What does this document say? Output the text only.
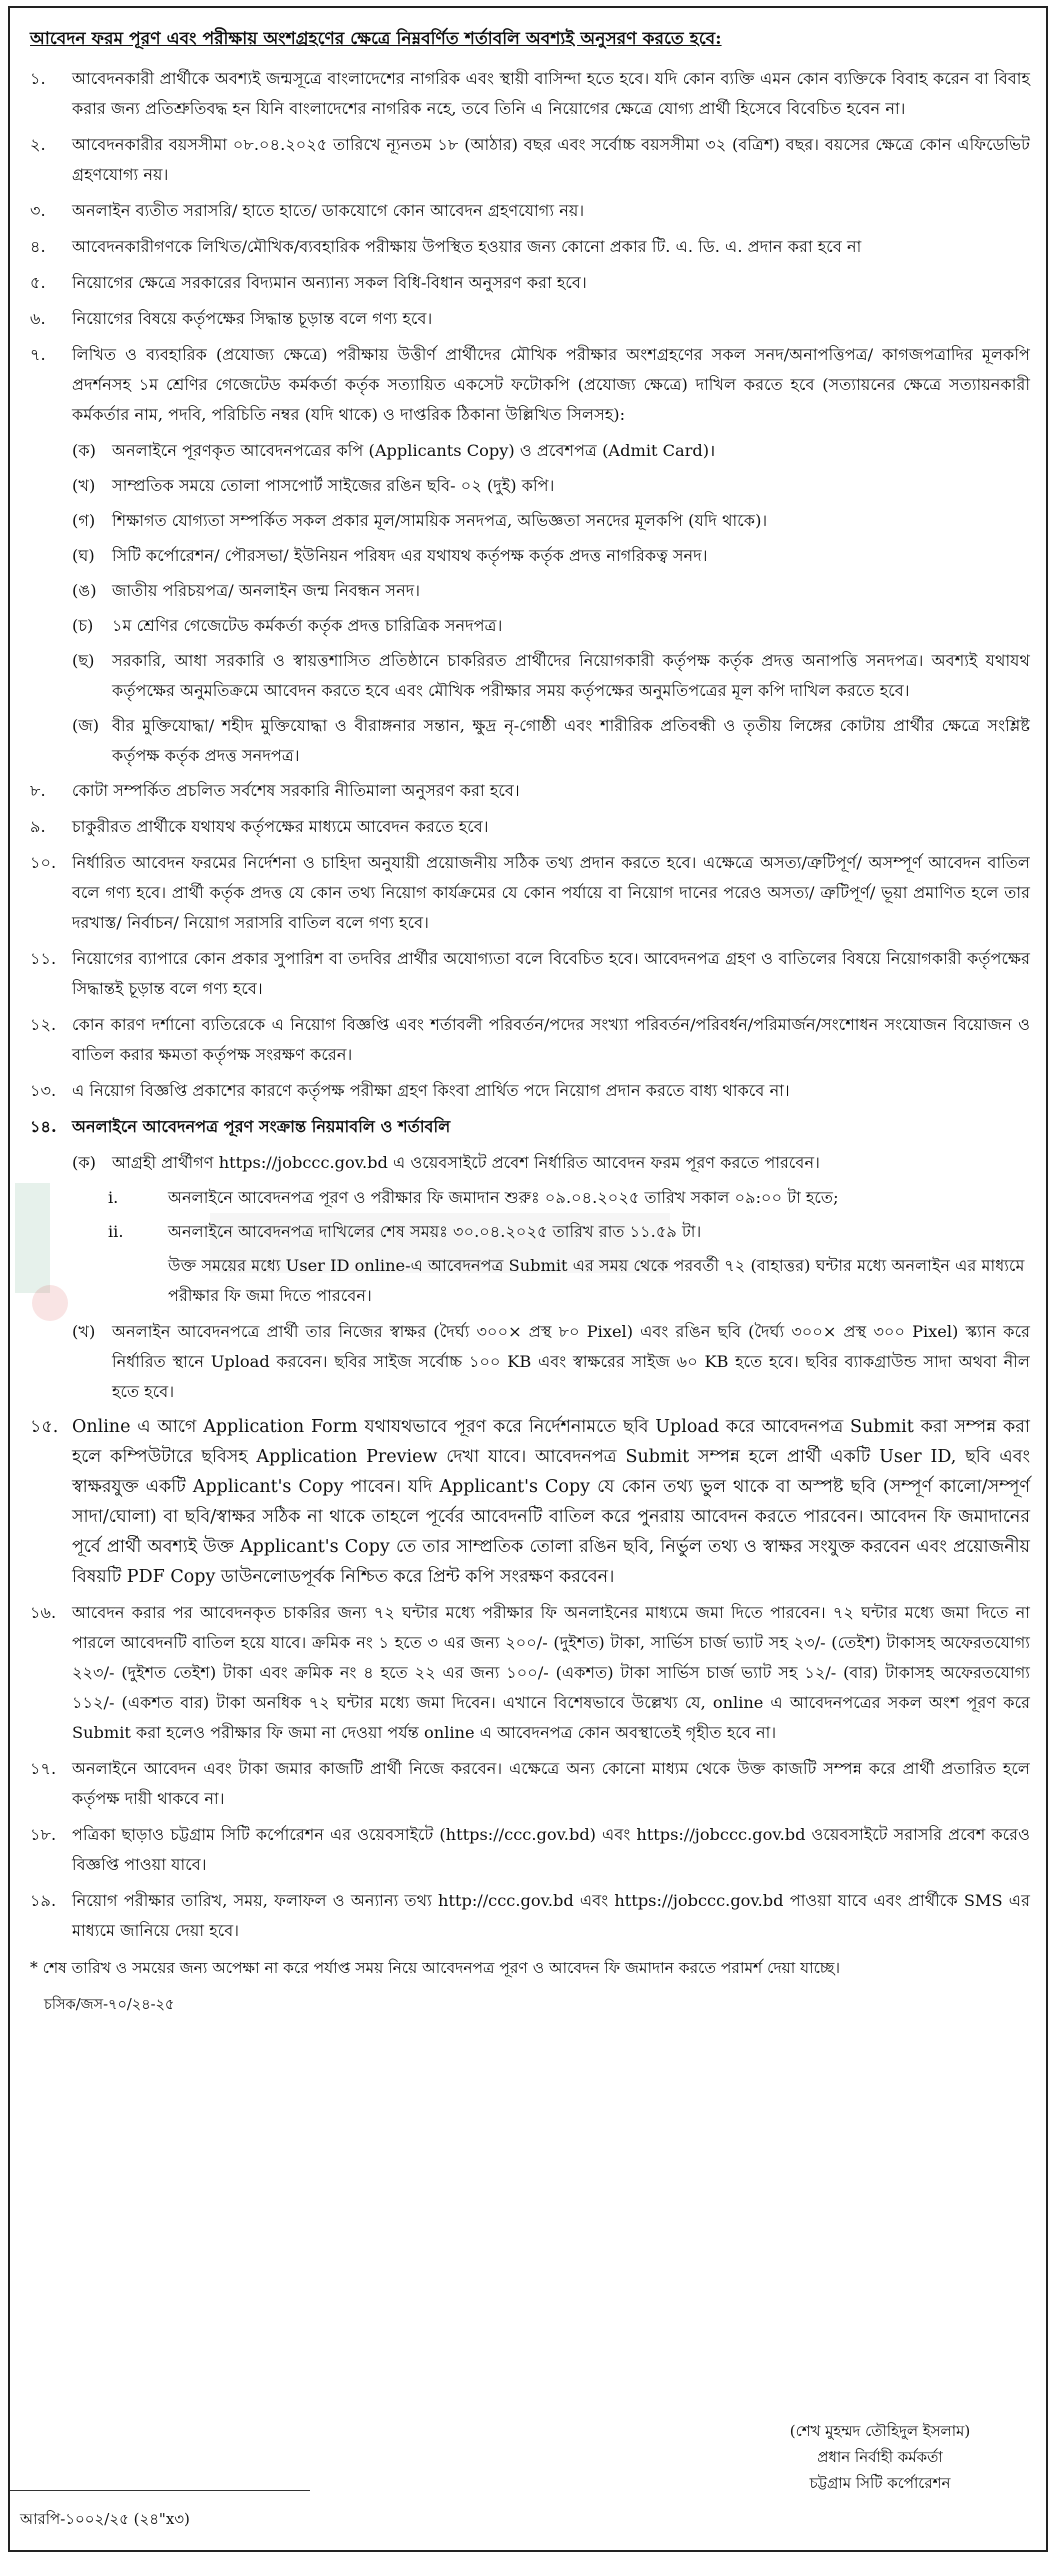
আবেদন ফরম পূরণ এবং পরীক্ষায় অংশগ্রহণের ক্ষেত্রে নিম্নবর্ণিত শর্তাবলি অবশ্যই অনুসরণ করতে হবে:
১.	আবেদনকারী প্রার্থীকে অবশ্যই জন্মসূত্রে বাংলাদেশের নাগরিক এবং স্থায়ী বাসিন্দা হতে হবে। যদি কোন ব্যক্তি এমন কোন ব্যক্তিকে বিবাহ করেন বা বিবাহ করার জন্য প্রতিশ্রুতিবদ্ধ হন যিনি বাংলাদেশের নাগরিক নহে, তবে তিনি এ নিয়োগের ক্ষেত্রে যোগ্য প্রার্থী হিসেবে বিবেচিত হবেন না।
২.	আবেদনকারীর বয়সসীমা ০৮.০৪.২০২৫ তারিখে ন্যূনতম ১৮ (আঠার) বছর এবং সর্বোচ্চ বয়সসীমা ৩২ (বত্রিশ) বছর। বয়সের ক্ষেত্রে কোন এফিডেভিট গ্রহণযোগ্য নয়।
৩.	অনলাইন ব্যতীত সরাসরি/ হাতে হাতে/ ডাকযোগে কোন আবেদন গ্রহণযোগ্য নয়।
৪.	আবেদনকারীগণকে লিখিত/মৌখিক/ব্যবহারিক পরীক্ষায় উপস্থিত হওয়ার জন্য কোনো প্রকার টি. এ. ডি. এ. প্রদান করা হবে না
৫.	নিয়োগের ক্ষেত্রে সরকারের বিদ্যমান অন্যান্য সকল বিধি-বিধান অনুসরণ করা হবে।
৬.	নিয়োগের বিষয়ে কর্তৃপক্ষের সিদ্ধান্ত চূড়ান্ত বলে গণ্য হবে।
৭.	লিখিত ও ব্যবহারিক (প্রযোজ্য ক্ষেত্রে) পরীক্ষায় উত্তীর্ণ প্রার্থীদের মৌখিক পরীক্ষার অংশগ্রহণের সকল সনদ/অনাপত্তিপত্র/ কাগজপত্রাদির মূলকপি প্রদর্শনসহ ১ম শ্রেণির গেজেটেড কর্মকর্তা কর্তৃক সত্যায়িত একসেট ফটোকপি (প্রযোজ্য ক্ষেত্রে) দাখিল করতে হবে (সত্যায়নের ক্ষেত্রে সত্যায়নকারী কর্মকর্তার নাম, পদবি, পরিচিতি নম্বর (যদি থাকে) ও দাপ্তরিক ঠিকানা উল্লিখিত সিলসহ):
(ক) অনলাইনে পূরণকৃত আবেদনপত্রের কপি (Applicants Copy) ও প্রবেশপত্র (Admit Card)।
(খ) সাম্প্রতিক সময়ে তোলা পাসপোর্ট সাইজের রঙিন ছবি- ০২ (দুই) কপি।
(গ) শিক্ষাগত যোগ্যতা সম্পর্কিত সকল প্রকার মূল/সাময়িক সনদপত্র, অভিজ্ঞতা সনদের মূলকপি (যদি থাকে)।
(ঘ) সিটি কর্পোরেশন/ পৌরসভা/ ইউনিয়ন পরিষদ এর যথাযথ কর্তৃপক্ষ কর্তৃক প্রদত্ত নাগরিকত্ব সনদ।
(ঙ) জাতীয় পরিচয়পত্র/ অনলাইন জন্ম নিবন্ধন সনদ।
(চ) ১ম শ্রেণির গেজেটেড কর্মকর্তা কর্তৃক প্রদত্ত চারিত্রিক সনদপত্র।
(ছ) সরকারি, আধা সরকারি ও স্বায়ত্তশাসিত প্রতিষ্ঠানে চাকরিরত প্রার্থীদের নিয়োগকারী কর্তৃপক্ষ কর্তৃক প্রদত্ত অনাপত্তি সনদপত্র। অবশ্যই যথাযথ কর্তৃপক্ষের অনুমতিক্রমে আবেদন করতে হবে এবং মৌখিক পরীক্ষার সময় কর্তৃপক্ষের অনুমতিপত্রের মূল কপি দাখিল করতে হবে।
(জ) বীর মুক্তিযোদ্ধা/ শহীদ মুক্তিযোদ্ধা ও বীরাঙ্গনার সন্তান, ক্ষুদ্র নৃ-গোষ্ঠী এবং শারীরিক প্রতিবন্ধী ও তৃতীয় লিঙ্গের কোটায় প্রার্থীর ক্ষেত্রে সংশ্লিষ্ট কর্তৃপক্ষ কর্তৃক প্রদত্ত সনদপত্র।
৮.	কোটা সম্পর্কিত প্রচলিত সর্বশেষ সরকারি নীতিমালা অনুসরণ করা হবে।
৯.	চাকুরীরত প্রার্থীকে যথাযথ কর্তৃপক্ষের মাধ্যমে আবেদন করতে হবে।
১০. নির্ধারিত আবেদন ফরমের নির্দেশনা ও চাহিদা অনুযায়ী প্রয়োজনীয় সঠিক তথ্য প্রদান করতে হবে। এক্ষেত্রে অসত্য/ত্রুটিপূর্ণ/ অসম্পূর্ণ আবেদন বাতিল বলে গণ্য হবে। প্রার্থী কর্তৃক প্রদত্ত যে কোন তথ্য নিয়োগ কার্যক্রমের যে কোন পর্যায়ে বা নিয়োগ দানের পরেও অসত্য/ ত্রুটিপূর্ণ/ ভূয়া প্রমাণিত হলে তার দরখাস্ত/ নির্বাচন/ নিয়োগ সরাসরি বাতিল বলে গণ্য হবে।
১১. নিয়োগের ব্যাপারে কোন প্রকার সুপারিশ বা তদবির প্রার্থীর অযোগ্যতা বলে বিবেচিত হবে। আবেদনপত্র গ্রহণ ও বাতিলের বিষয়ে নিয়োগকারী কর্তৃপক্ষের সিদ্ধান্তই চূড়ান্ত বলে গণ্য হবে।
১২. কোন কারণ দর্শানো ব্যতিরেকে এ নিয়োগ বিজ্ঞপ্তি এবং শর্তাবলী পরিবর্তন/পদের সংখ্যা পরিবর্তন/পরিবর্ধন/পরিমার্জন/সংশোধন সংযোজন বিয়োজন ও বাতিল করার ক্ষমতা কর্তৃপক্ষ সংরক্ষণ করেন।
১৩. এ নিয়োগ বিজ্ঞপ্তি প্রকাশের কারণে কর্তৃপক্ষ পরীক্ষা গ্রহণ কিংবা প্রার্থিত পদে নিয়োগ প্রদান করতে বাধ্য থাকবে না।
১৪. অনলাইনে আবেদনপত্র পূরণ সংক্রান্ত নিয়মাবলি ও শর্তাবলি
(ক) আগ্রহী প্রার্থীগণ https://jobccc.gov.bd এ ওয়েবসাইটে প্রবেশ নির্ধারিত আবেদন ফরম পূরণ করতে পারবেন।
i.	অনলাইনে আবেদনপত্র পূরণ ও পরীক্ষার ফি জমাদান শুরুঃ ০৯.০৪.২০২৫ তারিখ সকাল ০৯:০০ টা হতে;
ii.	অনলাইনে আবেদনপত্র দাখিলের শেষ সময়ঃ ৩০.০৪.২০২৫ তারিখ রাত ১১.৫৯ টা।
উক্ত সময়ের মধ্যে User ID online-এ আবেদনপত্র Submit এর সময় থেকে পরবর্তী ৭২ (বাহাত্তর) ঘন্টার মধ্যে অনলাইন এর মাধ্যমে পরীক্ষার ফি জমা দিতে পারবেন।
(খ) অনলাইন আবেদনপত্রে প্রার্থী তার নিজের স্বাক্ষর (দৈর্ঘ্য ৩০০× প্রস্থ ৮০ Pixel) এবং রঙিন ছবি (দৈর্ঘ্য ৩০০× প্রস্থ ৩০০ Pixel) স্ক্যান করে নির্ধারিত স্থানে Upload করবেন। ছবির সাইজ সর্বোচ্চ ১০০ KB এবং স্বাক্ষরের সাইজ ৬০ KB হতে হবে। ছবির ব্যাকগ্রাউন্ড সাদা অথবা নীল হতে হবে।
১৫. Online এ আগে Application Form যথাযথভাবে পূরণ করে নির্দেশনামতে ছবি Upload করে আবেদনপত্র Submit করা সম্পন্ন করা হলে কম্পিউটারে ছবিসহ Application Preview দেখা যাবে। আবেদনপত্র Submit সম্পন্ন হলে প্রার্থী একটি User ID, ছবি এবং স্বাক্ষরযুক্ত একটি Applicant's Copy পাবেন। যদি Applicant's Copy যে কোন তথ্য ভুল থাকে বা অস্পষ্ট ছবি (সম্পূর্ণ কালো/সম্পূর্ণ সাদা/ঘোলা) বা ছবি/স্বাক্ষর সঠিক না থাকে তাহলে পূর্বের আবেদনটি বাতিল করে পুনরায় আবেদন করতে পারবেন। আবেদন ফি জমাদানের পূর্বে প্রার্থী অবশ্যই উক্ত Applicant's Copy তে তার সাম্প্রতিক তোলা রঙিন ছবি, নির্ভুল তথ্য ও স্বাক্ষর সংযুক্ত করবেন এবং প্রয়োজনীয় বিষয়টি PDF Copy ডাউনলোডপূর্বক নিশ্চিত করে প্রিন্ট কপি সংরক্ষণ করবেন।
১৬. আবেদন করার পর আবেদনকৃত চাকরির জন্য ৭২ ঘন্টার মধ্যে পরীক্ষার ফি অনলাইনের মাধ্যমে জমা দিতে পারবেন। ৭২ ঘন্টার মধ্যে জমা দিতে না পারলে আবেদনটি বাতিল হয়ে যাবে। ক্রমিক নং ১ হতে ৩ এর জন্য ২০০/- (দুইশত) টাকা, সার্ভিস চার্জ ভ্যাট সহ ২৩/- (তেইশ) টাকাসহ অফেরতযোগ্য ২২৩/- (দুইশত তেইশ) টাকা এবং ক্রমিক নং ৪ হতে ২২ এর জন্য ১০০/- (একশত) টাকা সার্ভিস চার্জ ভ্যাট সহ ১২/- (বার) টাকাসহ অফেরতযোগ্য ১১২/- (একশত বার) টাকা অনধিক ৭২ ঘন্টার মধ্যে জমা দিবেন। এখানে বিশেষভাবে উল্লেখ্য যে, online এ আবেদনপত্রের সকল অংশ পূরণ করে Submit করা হলেও পরীক্ষার ফি জমা না দেওয়া পর্যন্ত online এ আবেদনপত্র কোন অবস্থাতেই গৃহীত হবে না।
১৭. অনলাইনে আবেদন এবং টাকা জমার কাজটি প্রার্থী নিজে করবেন। এক্ষেত্রে অন্য কোনো মাধ্যম থেকে উক্ত কাজটি সম্পন্ন করে প্রার্থী প্রতারিত হলে কর্তৃপক্ষ দায়ী থাকবে না।
১৮. পত্রিকা ছাড়াও চট্টগ্রাম সিটি কর্পোরেশন এর ওয়েবসাইটে (https://ccc.gov.bd) এবং https://jobccc.gov.bd ওয়েবসাইটে সরাসরি প্রবেশ করেও বিজ্ঞপ্তি পাওয়া যাবে।
১৯. নিয়োগ পরীক্ষার তারিখ, সময়, ফলাফল ও অন্যান্য তথ্য http://ccc.gov.bd এবং https://jobccc.gov.bd পাওয়া যাবে এবং প্রার্থীকে SMS এর মাধ্যমে জানিয়ে দেয়া হবে।
* শেষ তারিখ ও সময়ের জন্য অপেক্ষা না করে পর্যাপ্ত সময় নিয়ে আবেদনপত্র পূরণ ও আবেদন ফি জমাদান করতে পরামর্শ দেয়া যাচ্ছে।
চসিক/জস-৭০/২৪-২৫
(শেখ মুহম্মদ তৌহিদুল ইসলাম)
প্রধান নির্বাহী কর্মকর্তা
চট্টগ্রাম সিটি কর্পোরেশন
আরপি-১০০২/২৫ (২৪"x৩)
